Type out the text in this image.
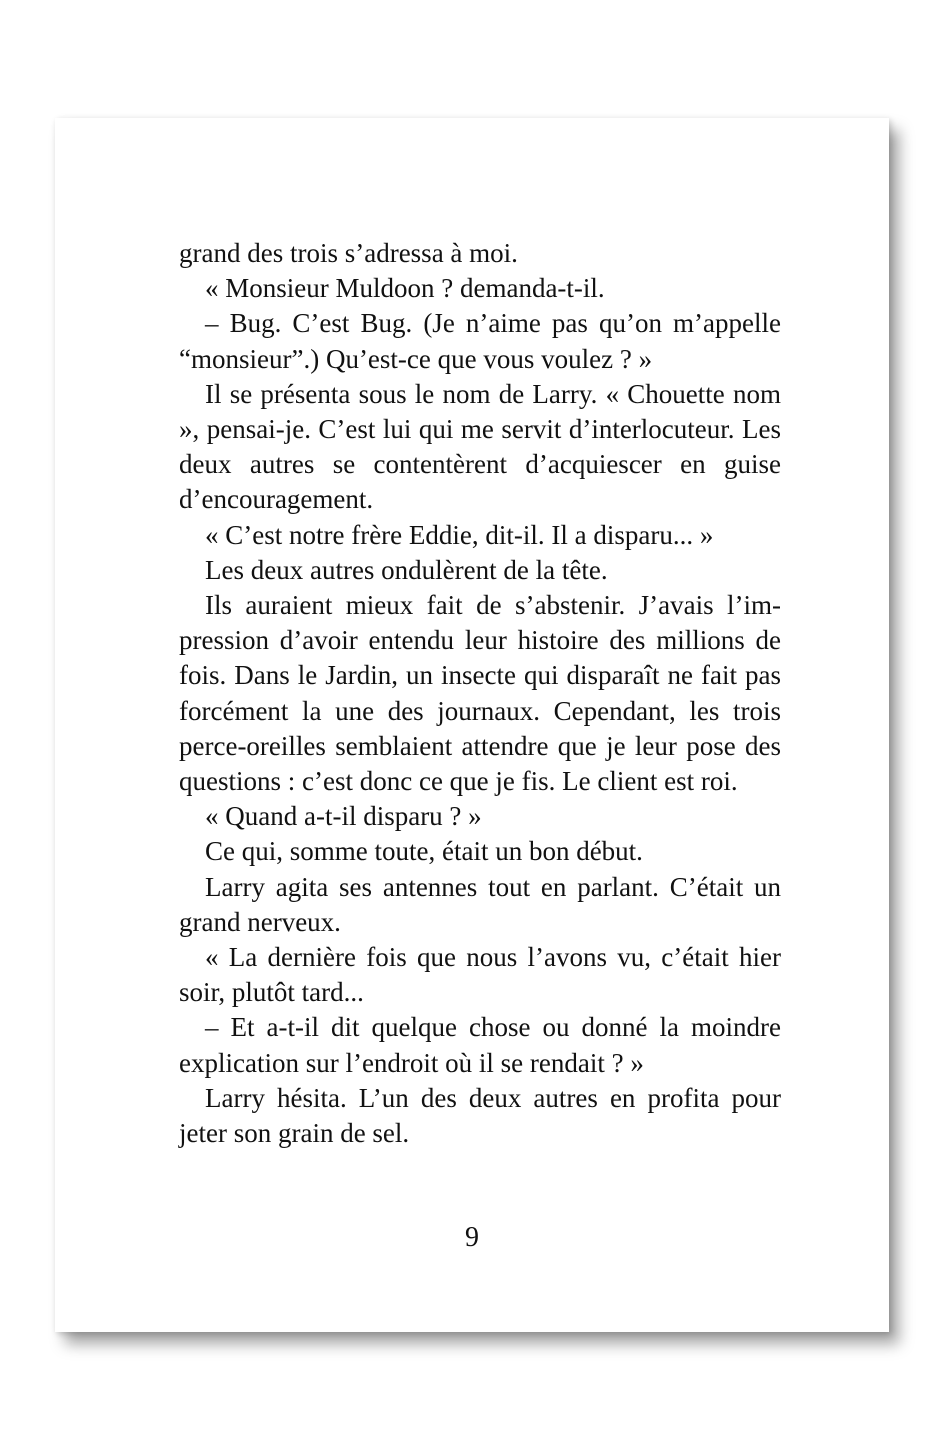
grand des trois s’adressa à moi.

« Monsieur Muldoon ? demanda-t-il.

– Bug. C’est Bug. (Je n’aime pas qu’on m’appelle “monsieur”.) Qu’est-ce que vous voulez ? »

Il se présenta sous le nom de Larry. « Chouette nom », pensai-je. C’est lui qui me servit d’interlocuteur. Les deux autres se contentèrent d’acquiescer en guise d’encouragement.

« C’est notre frère Eddie, dit-il. Il a disparu... »

Les deux autres ondulèrent de la tête.

Ils auraient mieux fait de s’abstenir. J’avais l’impression d’avoir entendu leur histoire des millions de fois. Dans le Jardin, un insecte qui disparaît ne fait pas forcément la une des journaux. Cependant, les trois perce-oreilles semblaient attendre que je leur pose des questions : c’est donc ce que je fis. Le client est roi.

« Quand a-t-il disparu ? »

Ce qui, somme toute, était un bon début.

Larry agita ses antennes tout en parlant. C’était un grand nerveux.

« La dernière fois que nous l’avons vu, c’était hier soir, plutôt tard...

– Et a-t-il dit quelque chose ou donné la moindre explication sur l’endroit où il se rendait ? »

Larry hésita. L’un des deux autres en profita pour jeter son grain de sel.

9
